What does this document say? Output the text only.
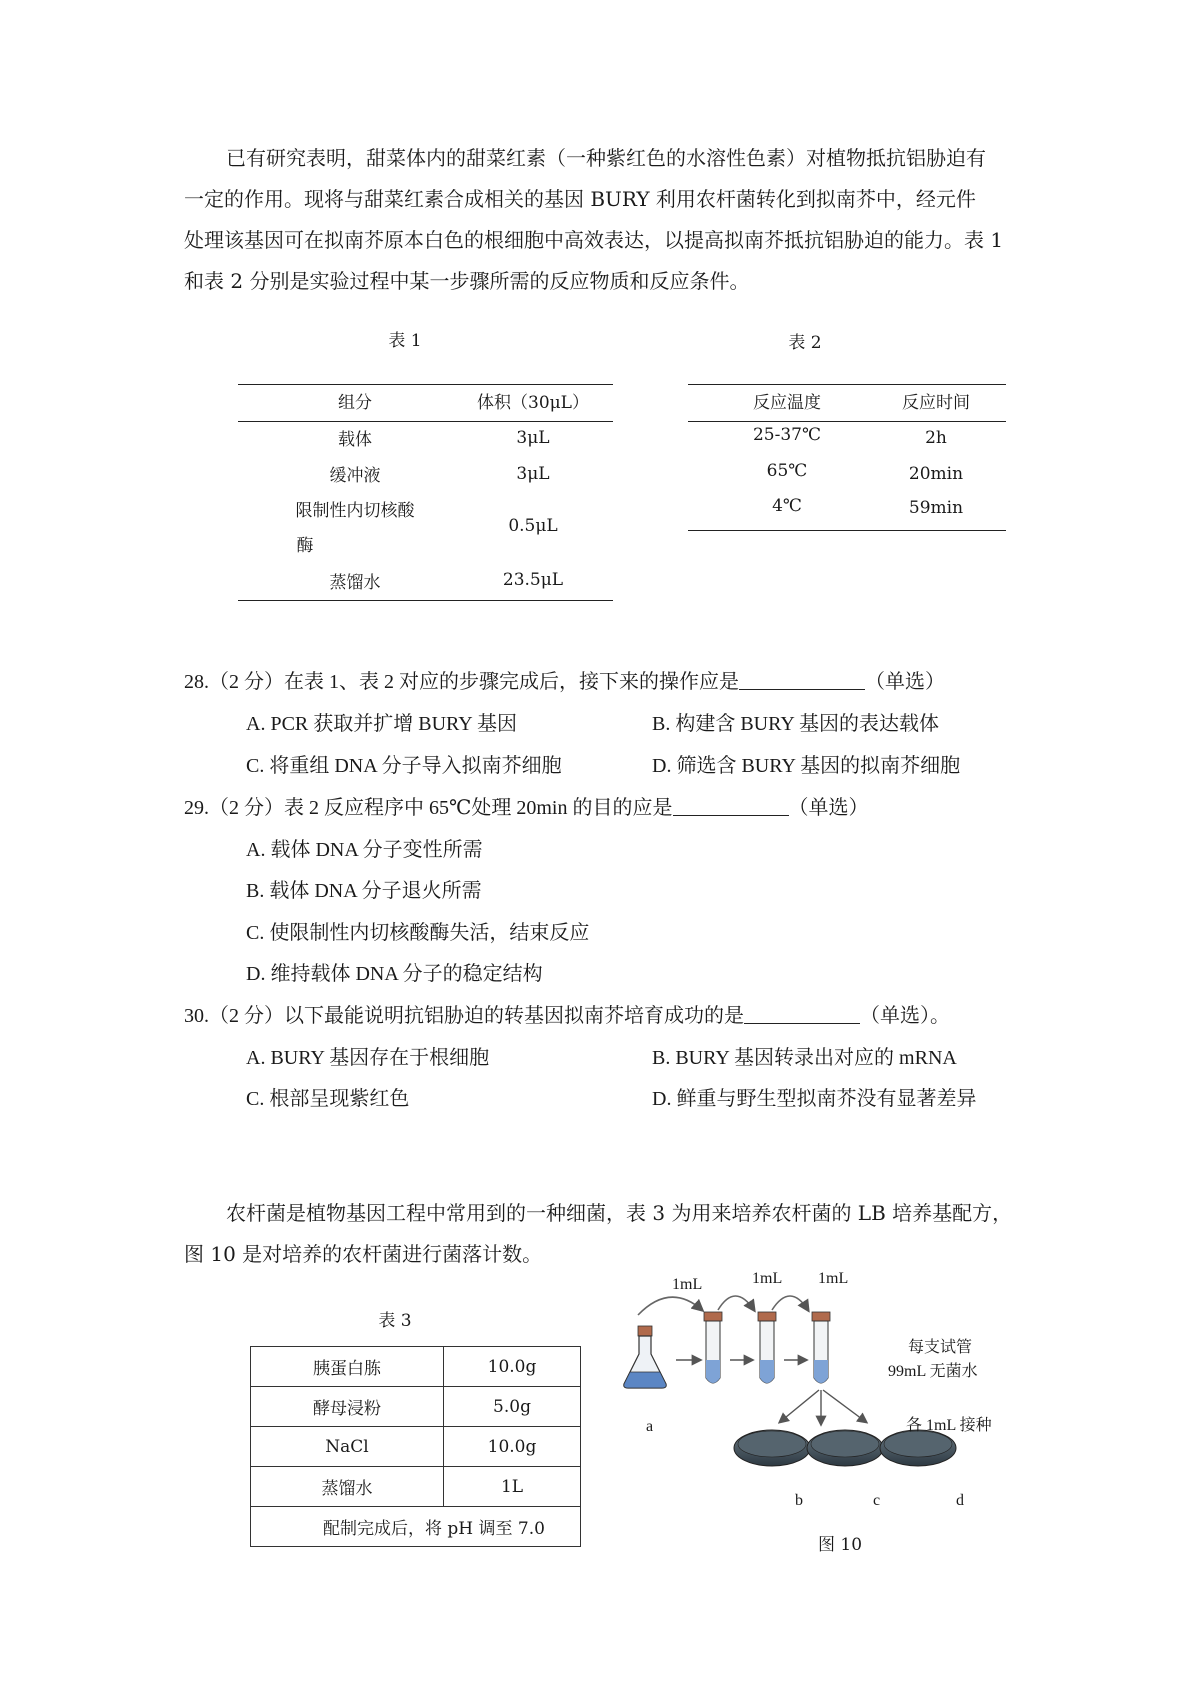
已有研究表明，甜菜体内的甜菜红素（一种紫红色的水溶性色素）对植物抵抗铝胁迫有
一定的作用。现将与甜菜红素合成相关的基因 BURY 利用农杆菌转化到拟南芥中，经元件
处理该基因可在拟南芥原本白色的根细胞中高效表达，以提高拟南芥抵抗铝胁迫的能力。表 1
和表 2 分别是实验过程中某一步骤所需的反应物质和反应条件。
表 1
组分	体积（30μL）
载体	3μL
缓冲液	3μL
限制性内切核酸
酶
0.5μL
蒸馏水	23.5μL
表 2
反应温度	反应时间
25-37℃	2h
65℃	20min
4℃	59min
28.（2 分）在表 1、表 2 对应的步骤完成后，接下来的操作应是	（单选）
A. PCR 获取并扩增 BURY 基因	B. 构建含 BURY 基因的表达载体
C. 将重组 DNA 分子导入拟南芥细胞	D. 筛选含 BURY 基因的拟南芥细胞
29.（2 分）表 2 反应程序中 65℃处理 20min 的目的应是	（单选）
A. 载体 DNA 分子变性所需
B. 载体 DNA 分子退火所需
C. 使限制性内切核酸酶失活，结束反应
D. 维持载体 DNA 分子的稳定结构
30.（2 分）以下最能说明抗铝胁迫的转基因拟南芥培育成功的是	（单选）。
A. BURY 基因存在于根细胞	B. BURY 基因转录出对应的 mRNA
C. 根部呈现紫红色	D. 鲜重与野生型拟南芥没有显著差异
农杆菌是植物基因工程中常用到的一种细菌，表 3 为用来培养农杆菌的 LB 培养基配方，
图 10 是对培养的农杆菌进行菌落计数。
表 3
胰蛋白胨	10.0g
酵母浸粉	5.0g
NaCl	10.0g
蒸馏水	1L
配制完成后，将 pH 调至 7.0	
1mL	1mL 1mL
每支试管
99mL 无菌水
各 1mL 接种
a
b	c	d
图 10
